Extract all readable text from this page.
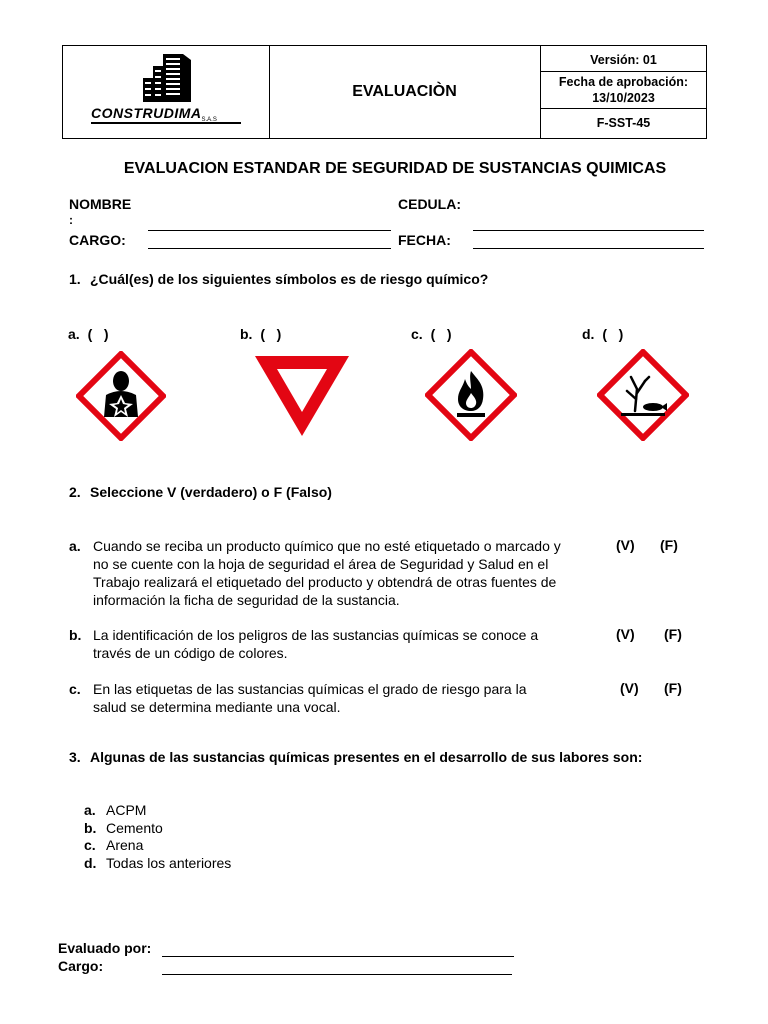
CONSTRUDIMAS.A.S
EVALUACIÒN
Versión: 01
Fecha de aprobación:
13/10/2023
F-SST-45
EVALUACION ESTANDAR DE SEGURIDAD DE SUSTANCIAS QUIMICAS
NOMBRE
:
CARGO:
CEDULA:
FECHA:
1. ¿Cuál(es) de los siguientes símbolos es de riesgo químico?
a. (   )	b. (   )	c. (   )	d. (   )
2. Seleccione V (verdadero) o F (Falso)
a. Cuando se reciba un producto químico que no esté etiquetado o marcado y
no se cuente con la hoja de seguridad el área de Seguridad y Salud en el
Trabajo realizará el etiquetado del producto y obtendrá de otras fuentes de
información la ficha de seguridad de la sustancia.
(V) (F)
b. La identificación de los peligros de las sustancias químicas se conoce a
través de un código de colores.
(V) (F)
c. En las etiquetas de las sustancias químicas el grado de riesgo para la
salud se determina mediante una vocal.
(V) (F)
3. Algunas de las sustancias químicas presentes en el desarrollo de sus labores son:
a. ACPM
b. Cemento
c. Arena
d. Todas los anteriores
Evaluado por:
Cargo:
